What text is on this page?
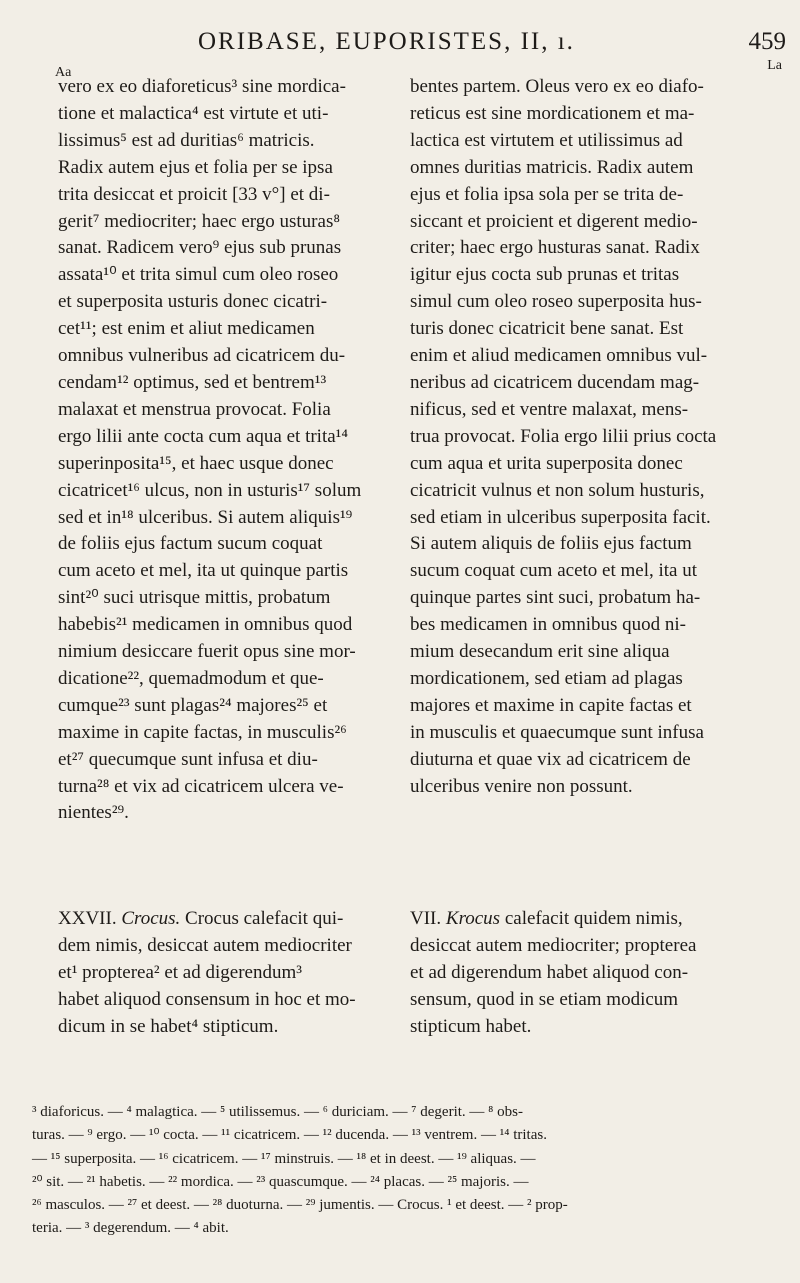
ORIBASE, EUPORISTES, II, ı.	459
Aa	La
vero ex eo diaforeticus³ sine mordica-
tione et malactica⁴ est virtute et uti-
lissimus⁵ est ad duritias⁶ matricis.
Radix autem ejus et folia per se ipsa
trita desiccat et proicit [33 v°] et di-
gerit⁷ mediocriter; haec ergo usturas⁸
sanat. Radicem vero⁹ ejus sub prunas
assata¹⁰ et trita simul cum oleo roseo
et superposita usturis donec cicatri-
cet¹¹; est enim et aliut medicamen
omnibus vulneribus ad cicatricem du-
cendam¹² optimus, sed et bentrem¹³
malaxat et menstrua provocat. Folia
ergo lilii ante cocta cum aqua et trita¹⁴
superinposita¹⁵, et haec usque donec
cicatricet¹⁶ ulcus, non in usturis¹⁷ solum
sed et in¹⁸ ulceribus. Si autem aliquis¹⁹
de foliis ejus factum sucum coquat
cum aceto et mel, ita ut quinque partis
sint²⁰ suci utrisque mittis, probatum
habebis²¹ medicamen in omnibus quod
nimium desiccare fuerit opus sine mor-
dicatione²², quemadmodum et que-
cumque²³ sunt plagas²⁴ majores²⁵ et
maxime in capite factas, in musculis²⁶
et²⁷ quecumque sunt infusa et diu-
turna²⁸ et vix ad cicatricem ulcera ve-
nientes²⁹.
bentes partem. Oleus vero ex eo diafo-
reticus est sine mordicationem et ma-
lactica est virtutem et utilissimus ad
omnes duritias matricis. Radix autem
ejus et folia ipsa sola per se trita de-
siccant et proicient et digerent medio-
criter; haec ergo husturas sanat. Radix
igitur ejus cocta sub prunas et tritas
simul cum oleo roseo superposita hus-
turis donec cicatricit bene sanat. Est
enim et aliud medicamen omnibus vul-
neribus ad cicatricem ducendam mag-
nificus, sed et ventre malaxat, mens-
trua provocat. Folia ergo lilii prius cocta
cum aqua et urita superposita donec
cicatricit vulnus et non solum husturis,
sed etiam in ulceribus superposita facit.
Si autem aliquis de foliis ejus factum
sucum coquat cum aceto et mel, ita ut
quinque partes sint suci, probatum ha-
bes medicamen in omnibus quod ni-
mium desecandum erit sine aliqua
mordicationem, sed etiam ad plagas
majores et maxime in capite factas et
in musculis et quaecumque sunt infusa
diuturna et quae vix ad cicatricem de
ulceribus venire non possunt.
XXVII. Crocus. Crocus calefacit qui-
dem nimis, desiccat autem mediocriter
et¹ propterea² et ad digerendum³
habet aliquod consensum in hoc et mo-
dicum in se habet⁴ stipticum.
VII. Krocus calefacit quidem nimis,
desiccat autem mediocriter; propterea
et ad digerendum habet aliquod con-
sensum, quod in se etiam modicum
stipticum habet.
³ diaforicus. — ⁴ malagtica. — ⁵ utilissemus. — ⁶ duriciam. — ⁷ degerit. — ⁸ obs-
turas. — ⁹ ergo. — ¹⁰ cocta. — ¹¹ cicatricem. — ¹² ducenda. — ¹³ ventrem. — ¹⁴ tritas.
— ¹⁵ superposita. — ¹⁶ cicatricem. — ¹⁷ minstruis. — ¹⁸ et in deest. — ¹⁹ aliquas. —
²⁰ sit. — ²¹ habetis. — ²² mordica. — ²³ quascumque. — ²⁴ placas. — ²⁵ majoris. —
²⁶ masculos. — ²⁷ et deest. — ²⁸ duoturna. — ²⁹ jumentis. — Crocus. ¹ et deest. — ² prop-
teria. — ³ degerendum. — ⁴ abit.
